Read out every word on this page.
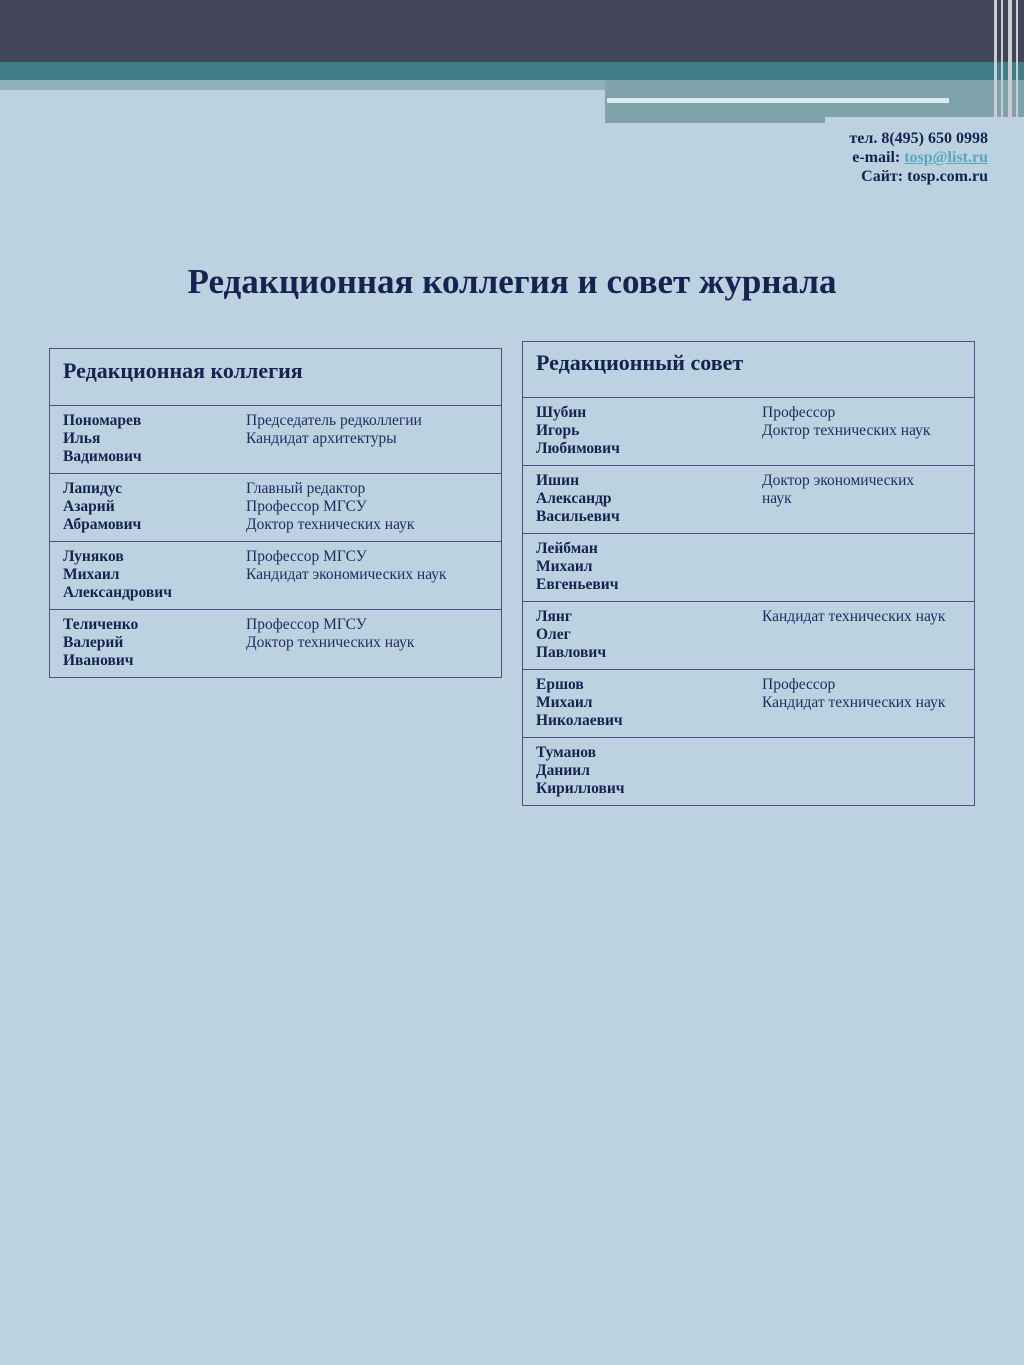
тел. 8(495) 650 0998
e-mail: tosp@list.ru
Сайт: tosp.com.ru
Редакционная коллегия и совет журнала
Редакционная коллегия
Пономарев
Илья
Вадимович
Председатель редколлегии
Кандидат архитектуры
Лапидус
Азарий
Абрамович
Главный редактор
Профессор МГСУ
Доктор технических наук
Луняков
Михаил
Александрович
Профессор МГСУ
Кандидат экономических наук
Теличенко
Валерий
Иванович
Профессор МГСУ
Доктор технических наук
Редакционный совет
Шубин
Игорь
Любимович
Профессор
Доктор технических наук
Ишин
Александр
Васильевич
Доктор экономических
наук
Лейбман
Михаил
Евгеньевич
Лянг
Олег
Павлович
Кандидат технических наук
Ершов
Михаил
Николаевич
Профессор
Кандидат технических наук
Туманов
Даниил
Кириллович
